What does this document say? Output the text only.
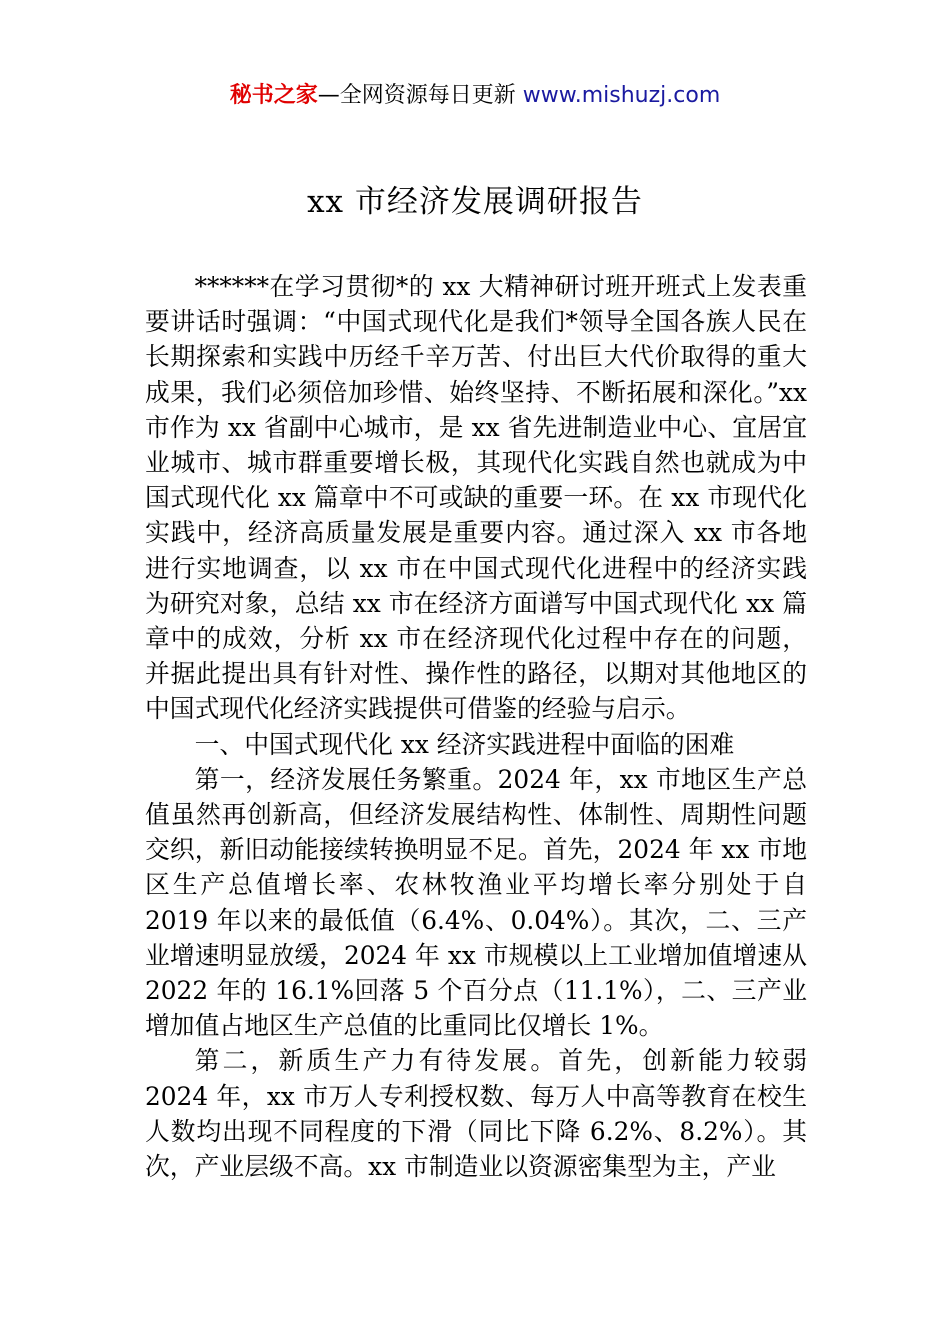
秘书之家—全网资源每日更新 www.mishuzj.com
xx 市经济发展调研报告

******在学习贯彻*的 xx 大精神研讨班开班式上发表重要讲话时强调：“中国式现代化是我们*领导全国各族人民在长期探索和实践中历经千辛万苦、付出巨大代价取得的重大成果，我们必须倍加珍惜、始终坚持、不断拓展和深化。”xx 市作为 xx 省副中心城市，是 xx 省先进制造业中心、宜居宜业城市、城市群重要增长极，其现代化实践自然也就成为中国式现代化 xx 篇章中不可或缺的重要一环。在 xx 市现代化实践中，经济高质量发展是重要内容。通过深入 xx 市各地进行实地调查，以 xx 市在中国式现代化进程中的经济实践为研究对象，总结 xx 市在经济方面谱写中国式现代化 xx 篇章中的成效，分析 xx 市在经济现代化过程中存在的问题，并据此提出具有针对性、操作性的路径，以期对其他地区的中国式现代化经济实践提供可借鉴的经验与启示。

一、中国式现代化 xx 经济实践进程中面临的困难

第一，经济发展任务繁重。2024 年，xx 市地区生产总值虽然再创新高，但经济发展结构性、体制性、周期性问题交织，新旧动能接续转换明显不足。首先，2024 年 xx 市地区生产总值增长率、农林牧渔业平均增长率分别处于自 2019 年以来的最低值（6.4%、0.04%）。其次，二、三产业增速明显放缓，2024 年 xx 市规模以上工业增加值增速从 2022 年的 16.1%回落 5 个百分点（11.1%），二、三产业增加值占地区生产总值的比重同比仅增长 1%。

第二，新质生产力有待发展。首先，创新能力较弱 2024 年，xx 市万人专利授权数、每万人中高等教育在校生人数均出现不同程度的下滑（同比下降 6.2%、8.2%）。其次，产业层级不高。xx 市制造业以资源密集型为主，产业
